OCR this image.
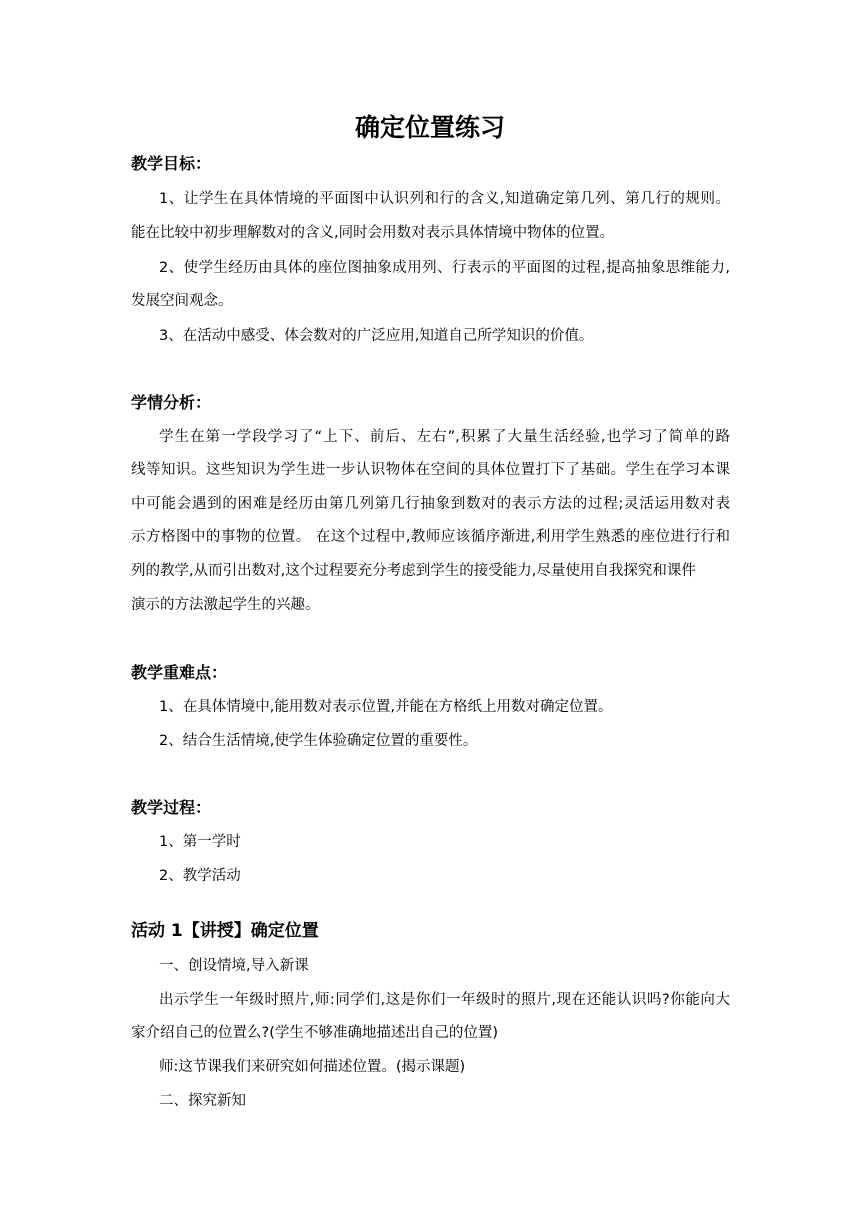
确定位置练习
教学目标：
1、让学生在具体情境的平面图中认识列和行的含义,知道确定第几列、第几行的规则。
能在比较中初步理解数对的含义,同时会用数对表示具体情境中物体的位置。
2、使学生经历由具体的座位图抽象成用列、行表示的平面图的过程,提高抽象思维能力,
发展空间观念。
3、在活动中感受、体会数对的广泛应用,知道自己所学知识的价值。
学情分析：
学生在第一学段学习了“上下、前后、左右”,积累了大量生活经验,也学习了简单的路
线等知识。这些知识为学生进一步认识物体在空间的具体位置打下了基础。学生在学习本课
中可能会遇到的困难是经历由第几列第几行抽象到数对的表示方法的过程;灵活运用数对表
示方格图中的事物的位置。 在这个过程中,教师应该循序渐进,利用学生熟悉的座位进行行和
列的教学,从而引出数对,这个过程要充分考虑到学生的接受能力,尽量使用自我探究和课件
演示的方法激起学生的兴趣。
教学重难点：
1、在具体情境中,能用数对表示位置,并能在方格纸上用数对确定位置。
2、结合生活情境,使学生体验确定位置的重要性。
教学过程：
1、第一学时
2、教学活动
活动 1【讲授】确定位置
一、创设情境,导入新课
出示学生一年级时照片,师:同学们,这是你们一年级时的照片,现在还能认识吗?你能向大
家介绍自己的位置么?(学生不够准确地描述出自己的位置)
师:这节课我们来研究如何描述位置。(揭示课题)
二、探究新知
